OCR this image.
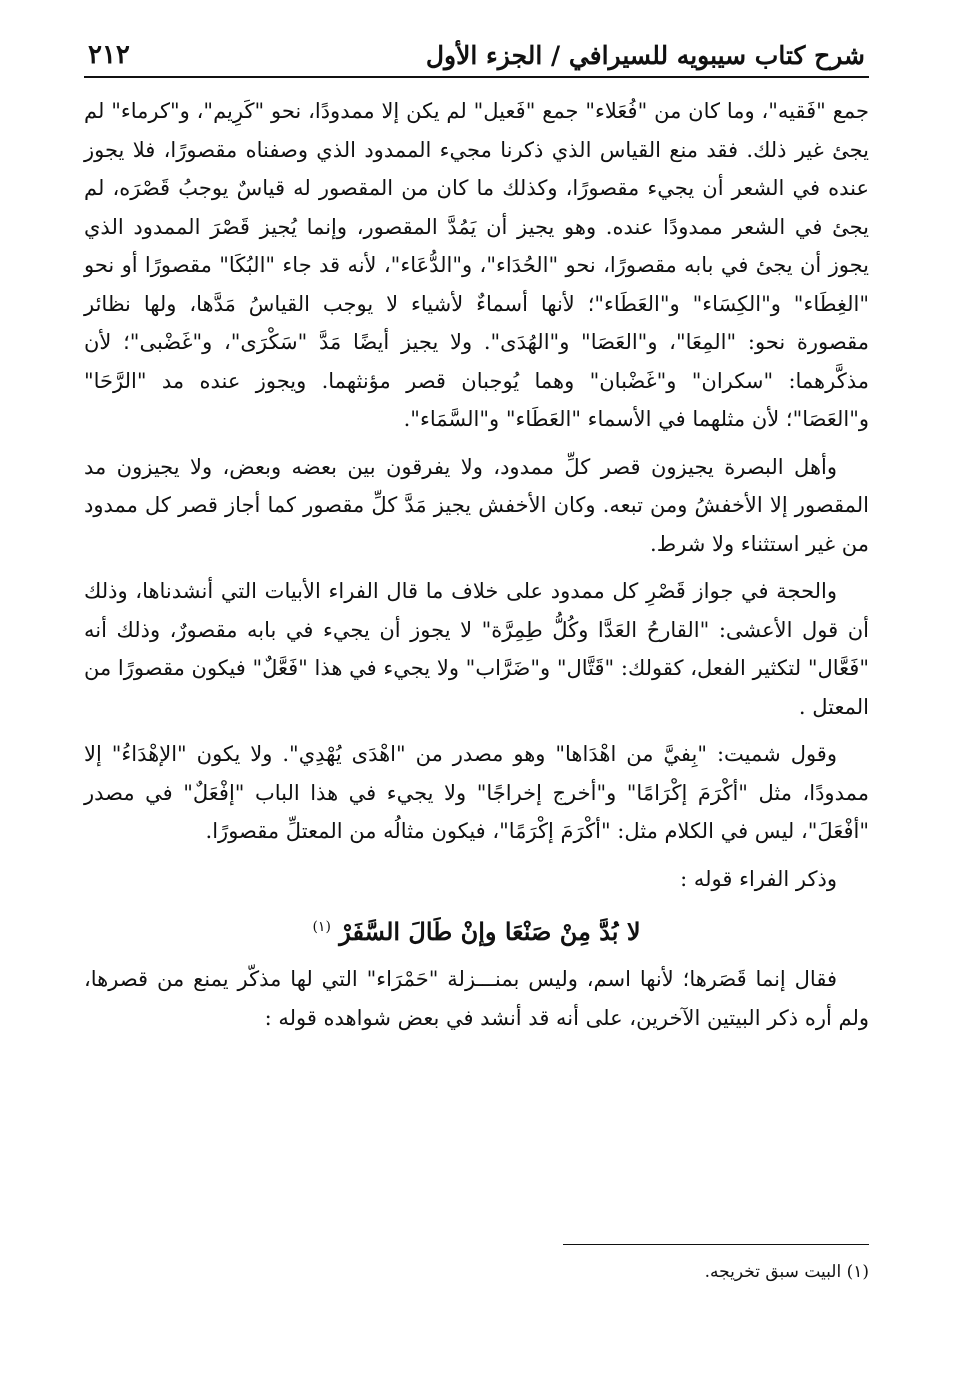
شرح كتاب سيبويه للسيرافي / الجزء الأول
٢١٢

جمع "فَقيه"، وما كان من "فُعَلاء" جمع "فَعيل" لم يكن إلا ممدودًا، نحو "كَرِيم"، و"كرماء" لم يجئ غير ذلك. فقد منع القياس الذي ذكرنا مجيء الممدود الذي وصفناه مقصورًا، فلا يجوز عنده في الشعر أن يجيء مقصورًا، وكذلك ما كان من المقصور له قياسٌ يوجبُ قَصْرَه، لم يجئ في الشعر ممدودًا عنده. وهو يجيز أن يَمُدَّ المقصور، وإنما يُجيز قَصْرَ الممدود الذي يجوز أن يجئ في بابه مقصورًا، نحو "الحُدَاء"، و"الدُّعَاء"، لأنه قد جاء "البُكَا" مقصورًا أو نحو "الغِطَاء" و"الكِسَاء" و"العَطَاء"؛ لأنها أسماءٌ لأشياء لا يوجب القياسُ مَدَّها، ولها نظائر مقصورة نحو: "المِعَا"، و"العَصَا" و"الهُدَى". ولا يجيز أيضًا مَدَّ "سَكْرَى"، و"غَضْبى"؛ لأن مذكَّرهما: "سكران" و"غَضْبان" وهما يُوجبان قصر مؤنثهما. ويجوز عنده مد "الرَّحَا" و"العَصَا"؛ لأن مثلهما في الأسماء "العَطَاء" و"السَّمَاء".

وأهل البصرة يجيزون قصر كلِّ ممدود، ولا يفرقون بين بعضه وبعض، ولا يجيزون مد المقصور إلا الأخفشُ ومن تبعه. وكان الأخفش يجيز مَدَّ كلِّ مقصور كما أجاز قصر كل ممدود من غير استثناء ولا شرط.

والحجة في جواز قَصْرِ كل ممدود على خلاف ما قال الفراء الأبيات التي أنشدناها، وذلك أن قول الأعشى: "القارحُ العَدَّا وكُلُّ طِمِرَّة" لا يجوز أن يجيء في بابه مقصورٌ، وذلك أنه "فَعَّال" لتكثير الفعل، كقولك: "قَتَّال" و"ضَرَّاب" ولا يجيء في هذا "فَعَّلٌ" فيكون مقصورًا من المعتل .

وقول شميت: "بِفيَّ من اهْدَاها" وهو مصدر من "اهْدَى يُهْدِي". ولا يكون "الإهْدَاءُ" إلا ممدودًا، مثل "أكْرَمَ إكْرَامًا" و"أخرج إخراجًا" ولا يجيء في هذا الباب "إفْعَلٌ" في مصدر "أفْعَلَ"، ليس في الكلام مثل: "أكْرَمَ إكْرَمًا"، فيكون مثالُه من المعتلِّ مقصورًا.

وذكر الفراء قوله :

لا بُدَّ مِنْ صَنْعَا وإنْ طَالَ السَّفَرْ $^{(١)}$

فقال إنما قَصَرها؛ لأنها اسم، وليس بمنـــزلة "حَمْرَاء" التي لها مذكّر يمنع من قصرها، ولم أره ذكر البيتين الآخرين، على أنه قد أنشد في بعض شواهده قوله :

(١) البيت سبق تخريجه.
